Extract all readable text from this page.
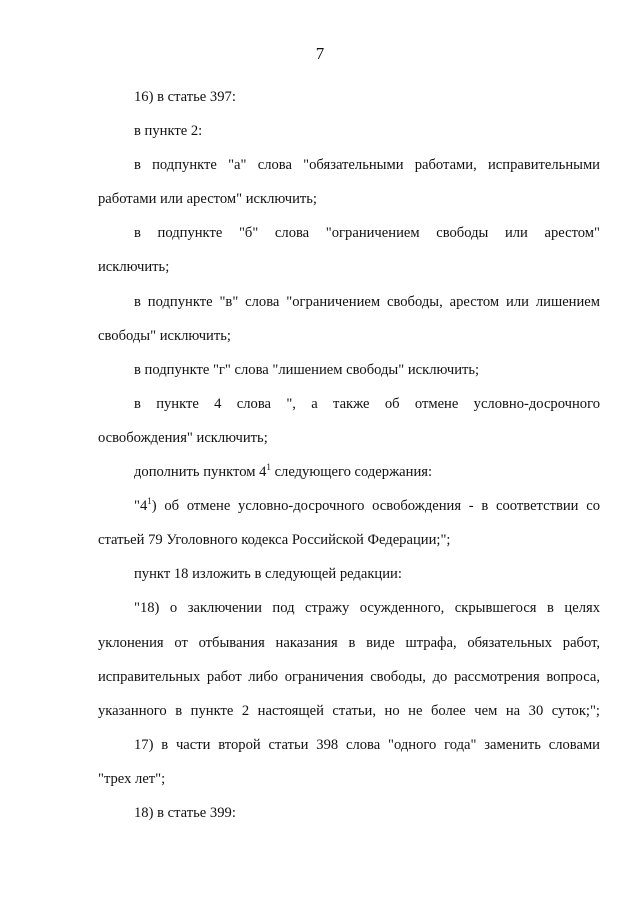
7
16) в статье 397:
в пункте 2:
в подпункте "а" слова "обязательными работами, исправительными
работами или арестом" исключить;
в подпункте "б" слова "ограничением свободы или арестом"
исключить;
в подпункте "в" слова "ограничением свободы, арестом или лишением
свободы" исключить;
в подпункте "г" слова "лишением свободы" исключить;
в пункте 4 слова ", а также об отмене условно-досрочного
освобождения" исключить;
дополнить пунктом $4^1$ следующего содержания:
"$4^1$) об отмене условно-досрочного освобождения - в соответствии со
статьей 79 Уголовного кодекса Российской Федерации;";
пункт 18 изложить в следующей редакции:
"18) о заключении под стражу осужденного, скрывшегося в целях
уклонения от отбывания наказания в виде штрафа, обязательных работ,
исправительных работ либо ограничения свободы, до рассмотрения вопроса,
указанного в пункте 2 настоящей статьи, но не более чем на 30 суток;";
17) в части второй статьи 398 слова "одного года" заменить словами
"трех лет";
18) в статье 399:
